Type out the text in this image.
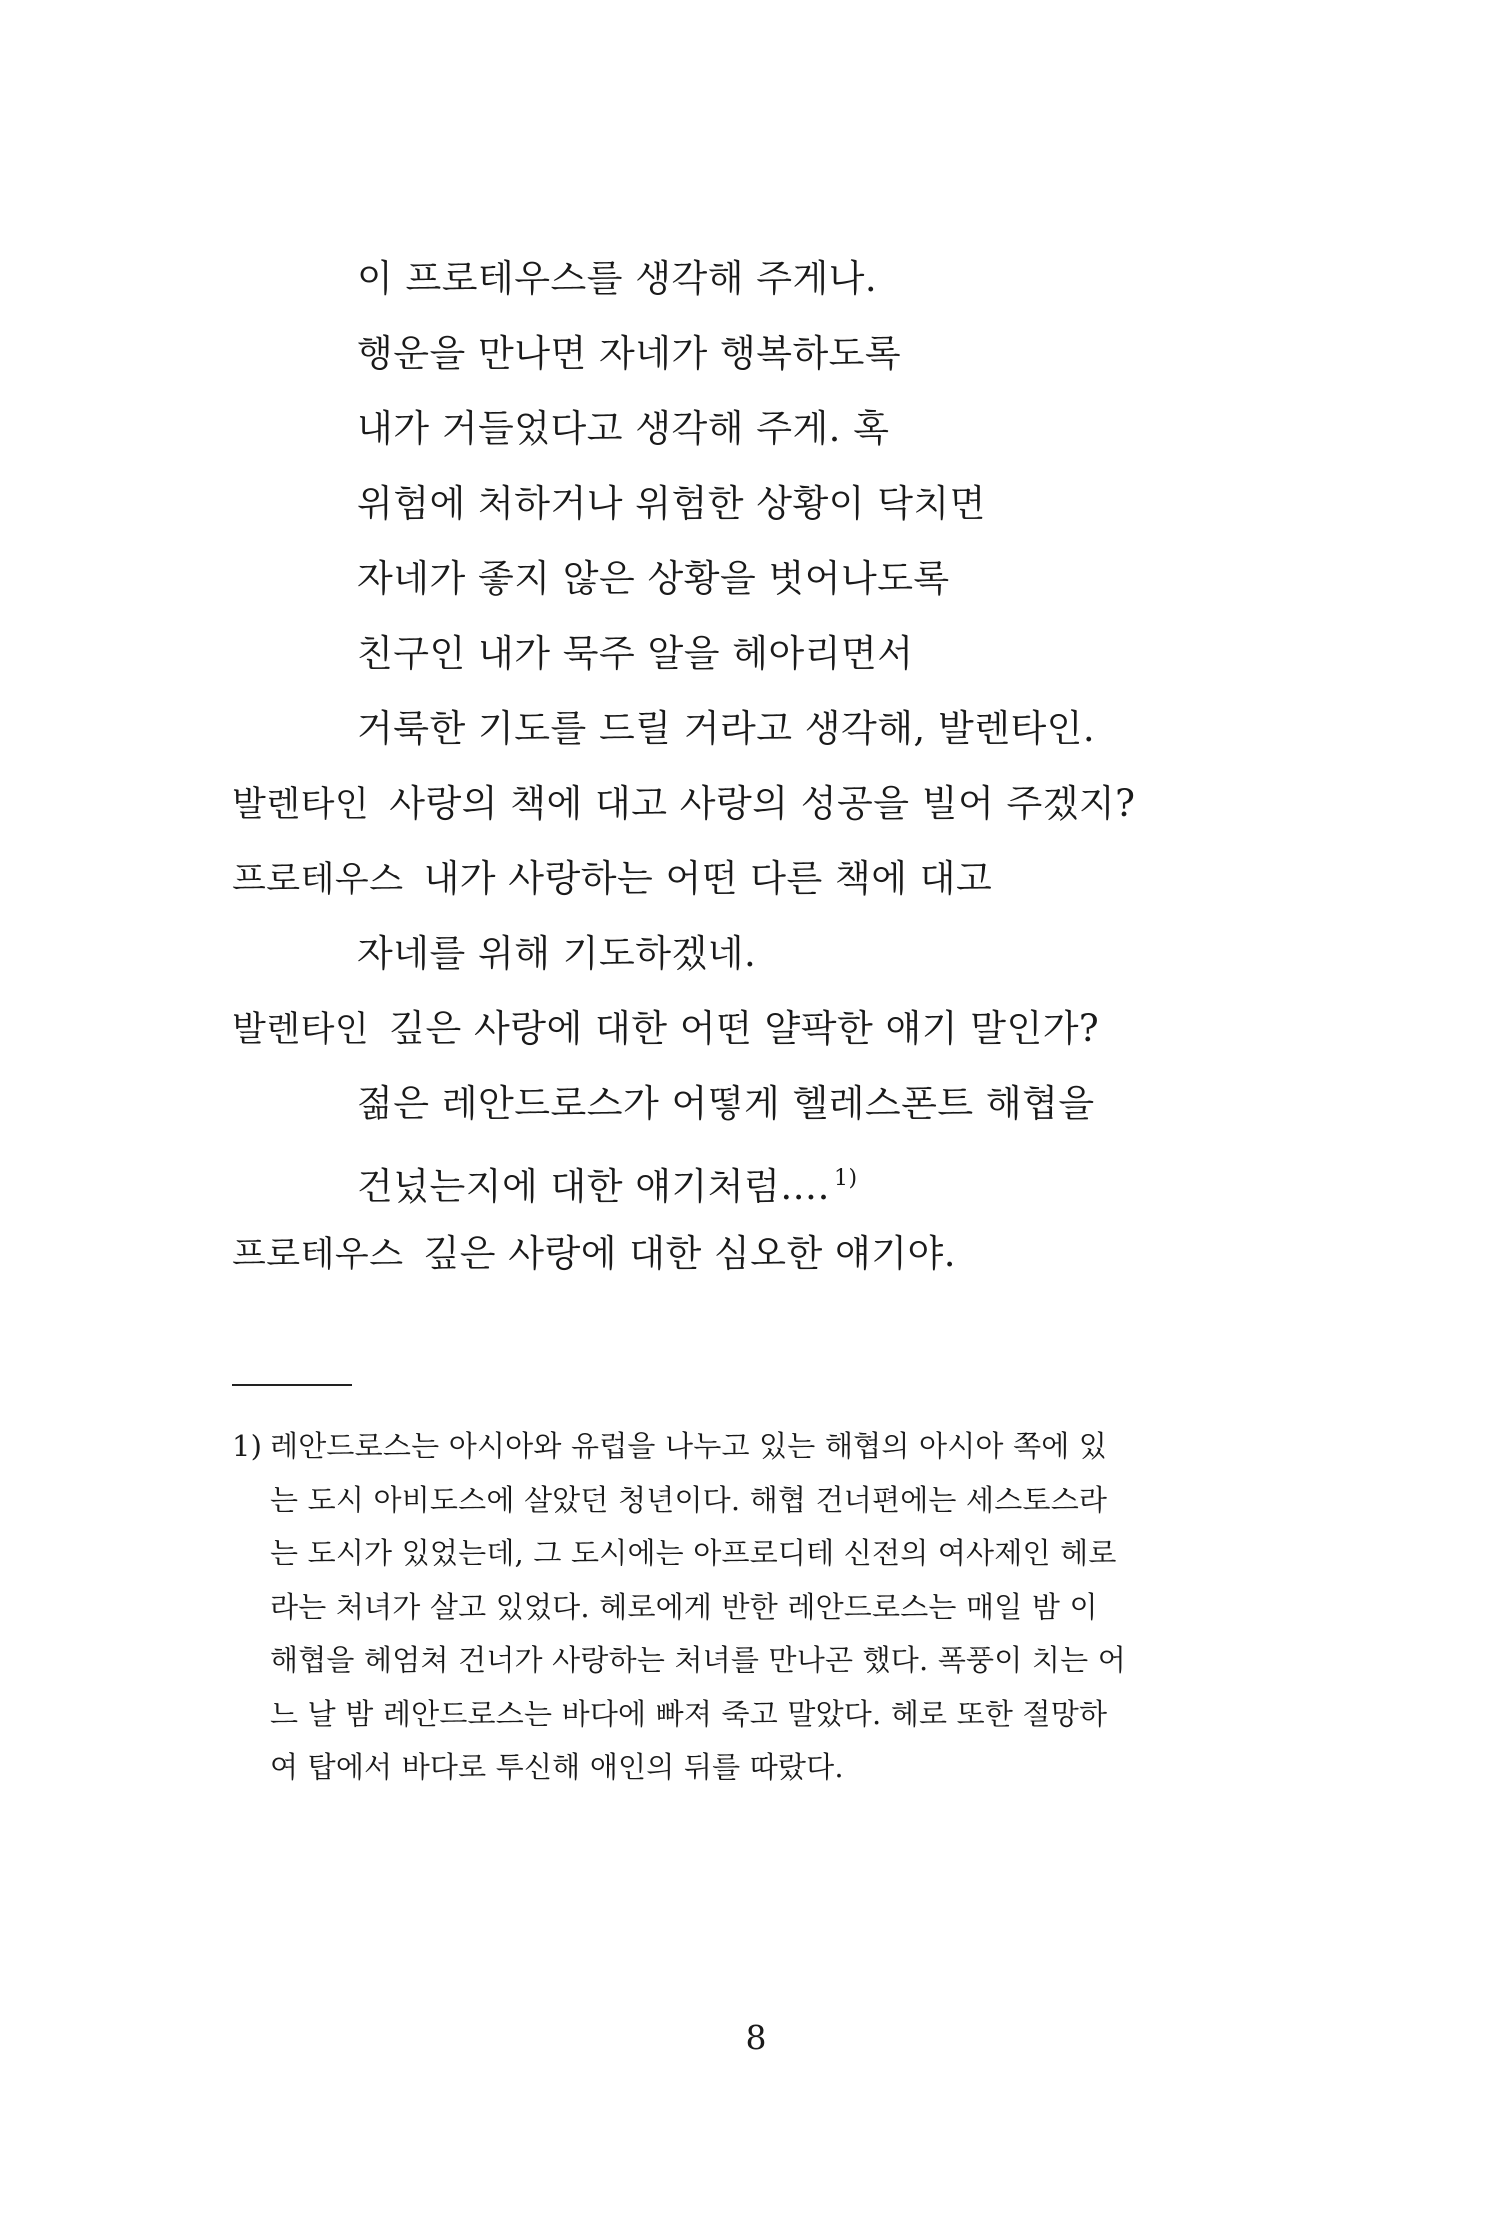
이 프로테우스를 생각해 주게나.
행운을 만나면 자네가 행복하도록
내가 거들었다고 생각해 주게. 혹
위험에 처하거나 위험한 상황이 닥치면
자네가 좋지 않은 상황을 벗어나도록
친구인 내가 묵주 알을 헤아리면서
거룩한 기도를 드릴 거라고 생각해, 발렌타인.
발렌타인 사랑의 책에 대고 사랑의 성공을 빌어 주겠지?
프로테우스 내가 사랑하는 어떤 다른 책에 대고
자네를 위해 기도하겠네.
발렌타인 깊은 사랑에 대한 어떤 얄팍한 얘기 말인가?
젊은 레안드로스가 어떻게 헬레스폰트 해협을
건넜는지에 대한 얘기처럼…. $^{1)}$
프로테우스 깊은 사랑에 대한 심오한 얘기야.
1) 레안드로스는 아시아와 유럽을 나누고 있는 해협의 아시아 쪽에 있
는 도시 아비도스에 살았던 청년이다. 해협 건너편에는 세스토스라
는 도시가 있었는데, 그 도시에는 아프로디테 신전의 여사제인 헤로
라는 처녀가 살고 있었다. 헤로에게 반한 레안드로스는 매일 밤 이
해협을 헤엄쳐 건너가 사랑하는 처녀를 만나곤 했다. 폭풍이 치는 어
느 날 밤 레안드로스는 바다에 빠져 죽고 말았다. 헤로 또한 절망하
여 탑에서 바다로 투신해 애인의 뒤를 따랐다.
8
